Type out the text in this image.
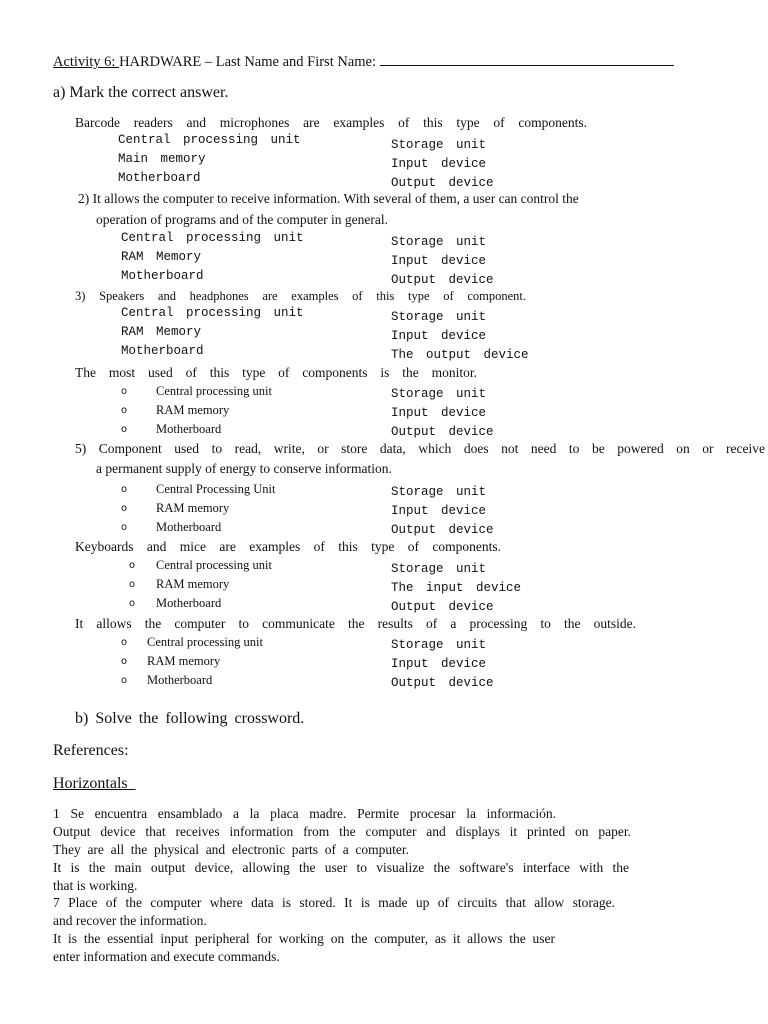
Activity 6: HARDWARE – Last Name and First Name:
a) Mark the correct answer.
Barcode readers and microphones are examples of this type of components.
Central processing unit
Main memory
Motherboard
Storage unit
Input device
Output device
2) It allows the computer to receive information. With several of them, a user can control the
operation of programs and of the computer in general.
Central processing unit
RAM Memory
Motherboard
Storage unit
Input device
Output device
3) Speakers and headphones are examples of this type of component.
Central processing unit
RAM Memory
Motherboard
Storage unit
Input device
The output device
The most used of this type of components is the monitor.
o Central processing unit
o RAM memory
o Motherboard
Storage unit
Input device
Output device
5) Component used to read, write, or store data, which does not need to be powered on or receive
a permanent supply of energy to conserve information.
o Central Processing Unit
o RAM memory
o Motherboard
Storage unit
Input device
Output device
Keyboards and mice are examples of this type of components.
o Central processing unit
o RAM memory
o Motherboard
Storage unit
The input device
Output device
It allows the computer to communicate the results of a processing to the outside.
o Central processing unit
o RAM memory
o Motherboard
Storage unit
Input device
Output device
b) Solve the following crossword.
References:
Horizontals
1 Se encuentra ensamblado a la placa madre. Permite procesar la información.
Output device that receives information from the computer and displays it printed on paper.
They are all the physical and electronic parts of a computer.
It is the main output device, allowing the user to visualize the software's interface with the
that is working.
7 Place of the computer where data is stored. It is made up of circuits that allow storage.
and recover the information.
It is the essential input peripheral for working on the computer, as it allows the user
enter information and execute commands.
